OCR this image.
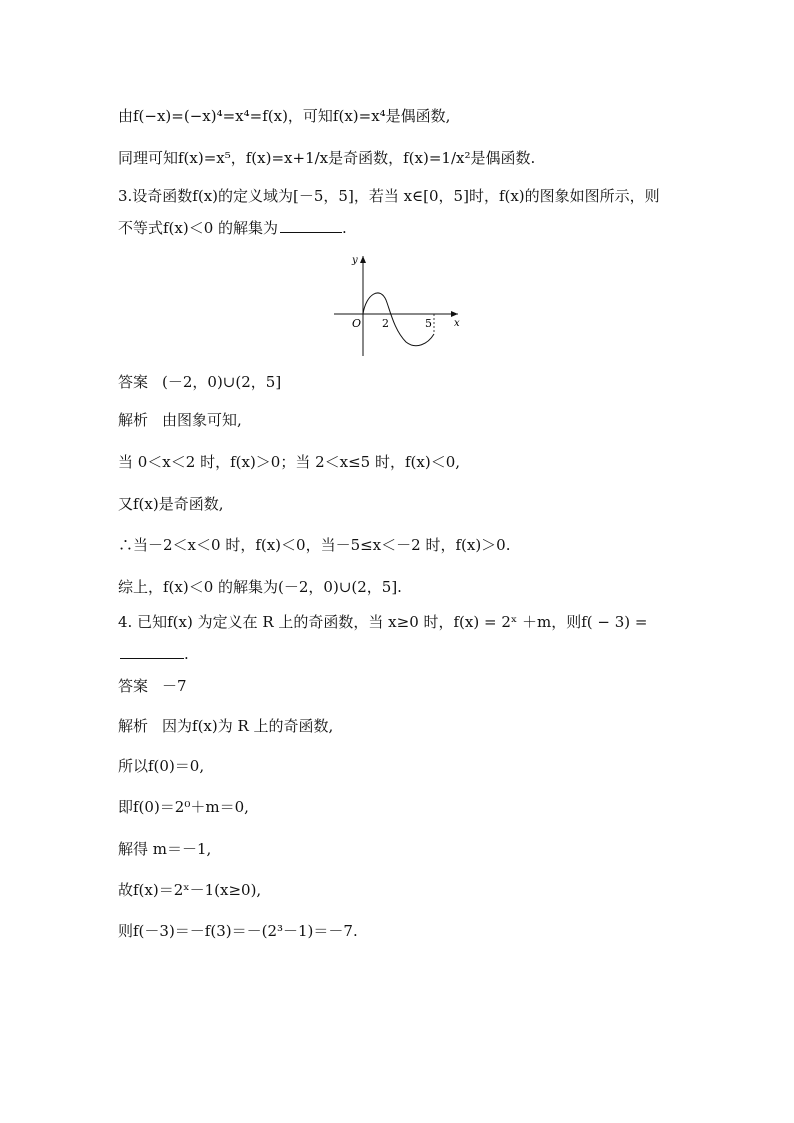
由f(−x)=(−x)⁴=x⁴=f(x)，可知f(x)=x⁴是偶函数,
同理可知f(x)=x⁵，f(x)=x+1/x是奇函数，f(x)=1/x²是偶函数.
3.设奇函数f(x)的定义域为[－5，5]，若当 x∈[0，5]时，f(x)的图象如图所示，则
不等式f(x)＜0 的解集为	.
y
x
O 2	5
答案 (－2，0)∪(2，5]
解析 由图象可知,
当 0＜x＜2 时，f(x)＞0；当 2＜x≤5 时，f(x)＜0,
又f(x)是奇函数,
∴当－2＜x＜0 时，f(x)＜0，当－5≤x＜－2 时，f(x)＞0.
综上，f(x)＜0 的解集为(－2，0)∪(2，5].
4. 已知f(x) 为定义在 R 上的奇函数，当 x≥0 时，f(x) = 2ˣ ＋m，则f( − 3) =
.
答案 －7
解析 因为f(x)为 R 上的奇函数,
所以f(0)＝0,
即f(0)＝2⁰＋m＝0,
解得 m＝－1,
故f(x)＝2ˣ－1(x≥0),
则f(－3)＝－f(3)＝－(2³－1)＝－7.
